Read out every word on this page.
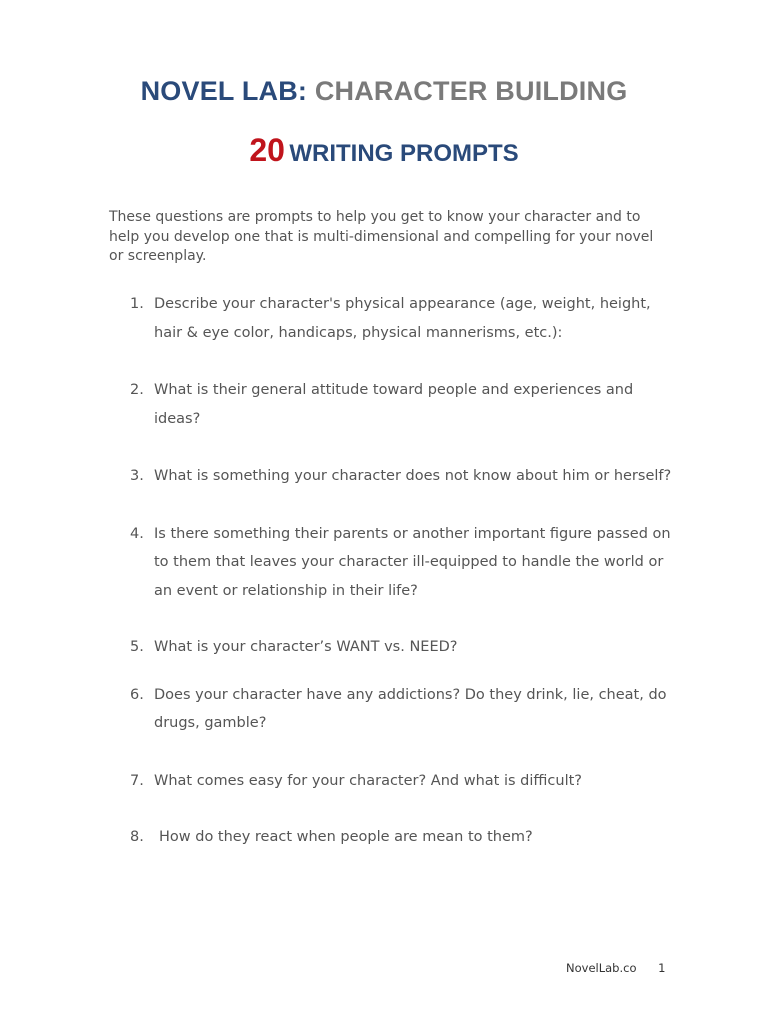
NOVEL LAB: CHARACTER BUILDING
20 WRITING PROMPTS

These questions are prompts to help you get to know your character and to help you develop one that is multi-dimensional and compelling for your novel or screenplay.

1. Describe your character's physical appearance (age, weight, height, hair & eye color, handicaps, physical mannerisms, etc.):
2. What is their general attitude toward people and experiences and ideas?
3. What is something your character does not know about him or herself?
4. Is there something their parents or another important figure passed on to them that leaves your character ill-equipped to handle the world or an event or relationship in their life?
5. What is your character’s WANT vs. NEED?
6. Does your character have any addictions? Do they drink, lie, cheat, do drugs, gamble?
7. What comes easy for your character? And what is difficult?
8. How do they react when people are mean to them?
NovelLab.co 1
